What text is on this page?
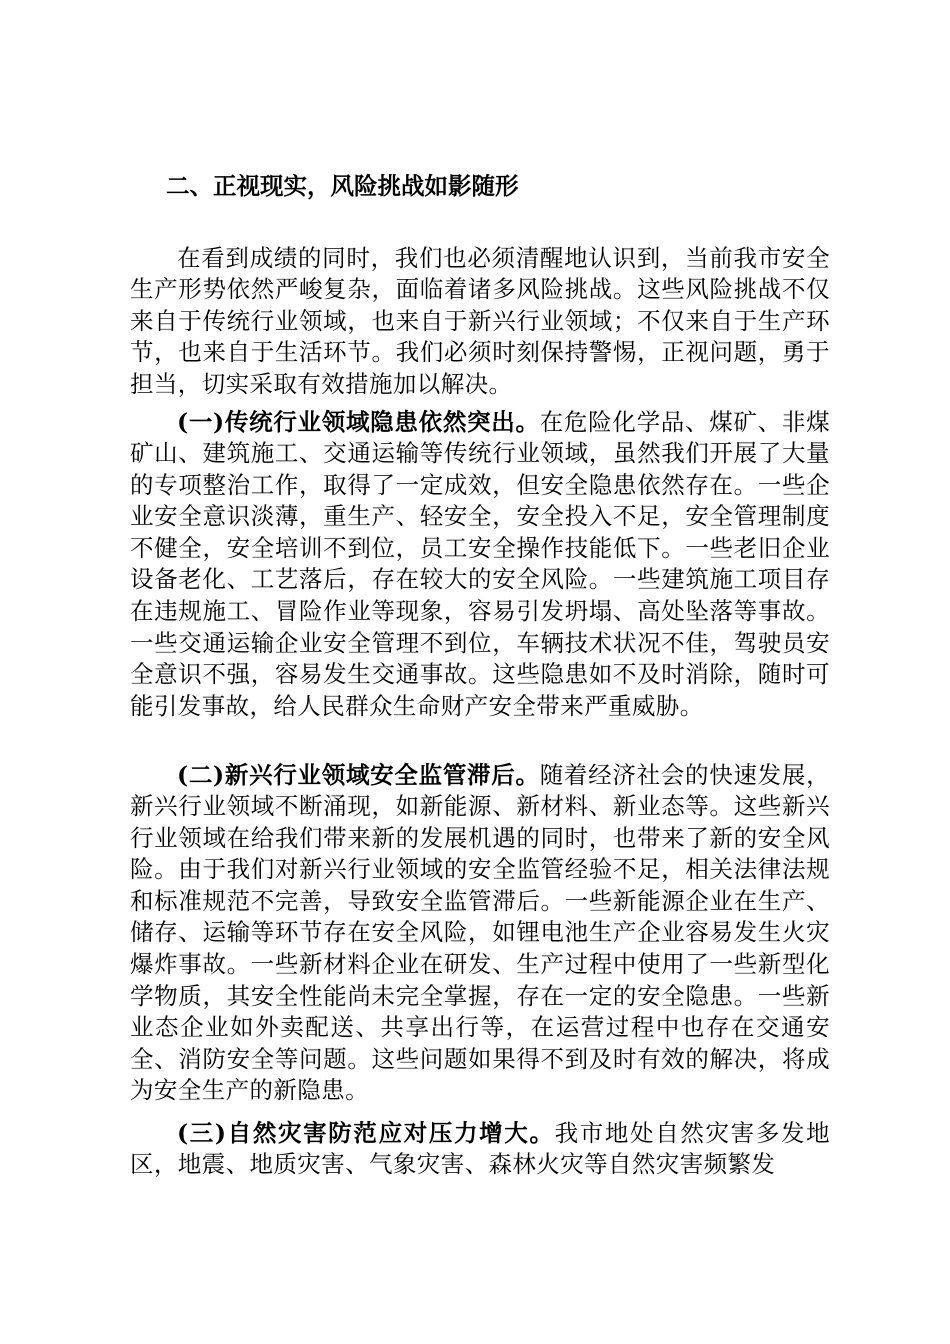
二、正视现实，风险挑战如影随形

在看到成绩的同时，我们也必须清醒地认识到，当前我市安全生产形势依然严峻复杂，面临着诸多风险挑战。这些风险挑战不仅来自于传统行业领域，也来自于新兴行业领域；不仅来自于生产环节，也来自于生活环节。我们必须时刻保持警惕，正视问题，勇于担当，切实采取有效措施加以解决。

(一)传统行业领域隐患依然突出。在危险化学品、煤矿、非煤矿山、建筑施工、交通运输等传统行业领域，虽然我们开展了大量的专项整治工作，取得了一定成效，但安全隐患依然存在。一些企业安全意识淡薄，重生产、轻安全，安全投入不足，安全管理制度不健全，安全培训不到位，员工安全操作技能低下。一些老旧企业设备老化、工艺落后，存在较大的安全风险。一些建筑施工项目存在违规施工、冒险作业等现象，容易引发坍塌、高处坠落等事故。一些交通运输企业安全管理不到位，车辆技术状况不佳，驾驶员安全意识不强，容易发生交通事故。这些隐患如不及时消除，随时可能引发事故，给人民群众生命财产安全带来严重威胁。

(二)新兴行业领域安全监管滞后。随着经济社会的快速发展，新兴行业领域不断涌现，如新能源、新材料、新业态等。这些新兴行业领域在给我们带来新的发展机遇的同时，也带来了新的安全风险。由于我们对新兴行业领域的安全监管经验不足，相关法律法规和标准规范不完善，导致安全监管滞后。一些新能源企业在生产、储存、运输等环节存在安全风险，如锂电池生产企业容易发生火灾爆炸事故。一些新材料企业在研发、生产过程中使用了一些新型化学物质，其安全性能尚未完全掌握，存在一定的安全隐患。一些新业态企业如外卖配送、共享出行等，在运营过程中也存在交通安全、消防安全等问题。这些问题如果得不到及时有效的解决，将成为安全生产的新隐患。

(三)自然灾害防范应对压力增大。我市地处自然灾害多发地区，地震、地质灾害、气象灾害、森林火灾等自然灾害频繁发
